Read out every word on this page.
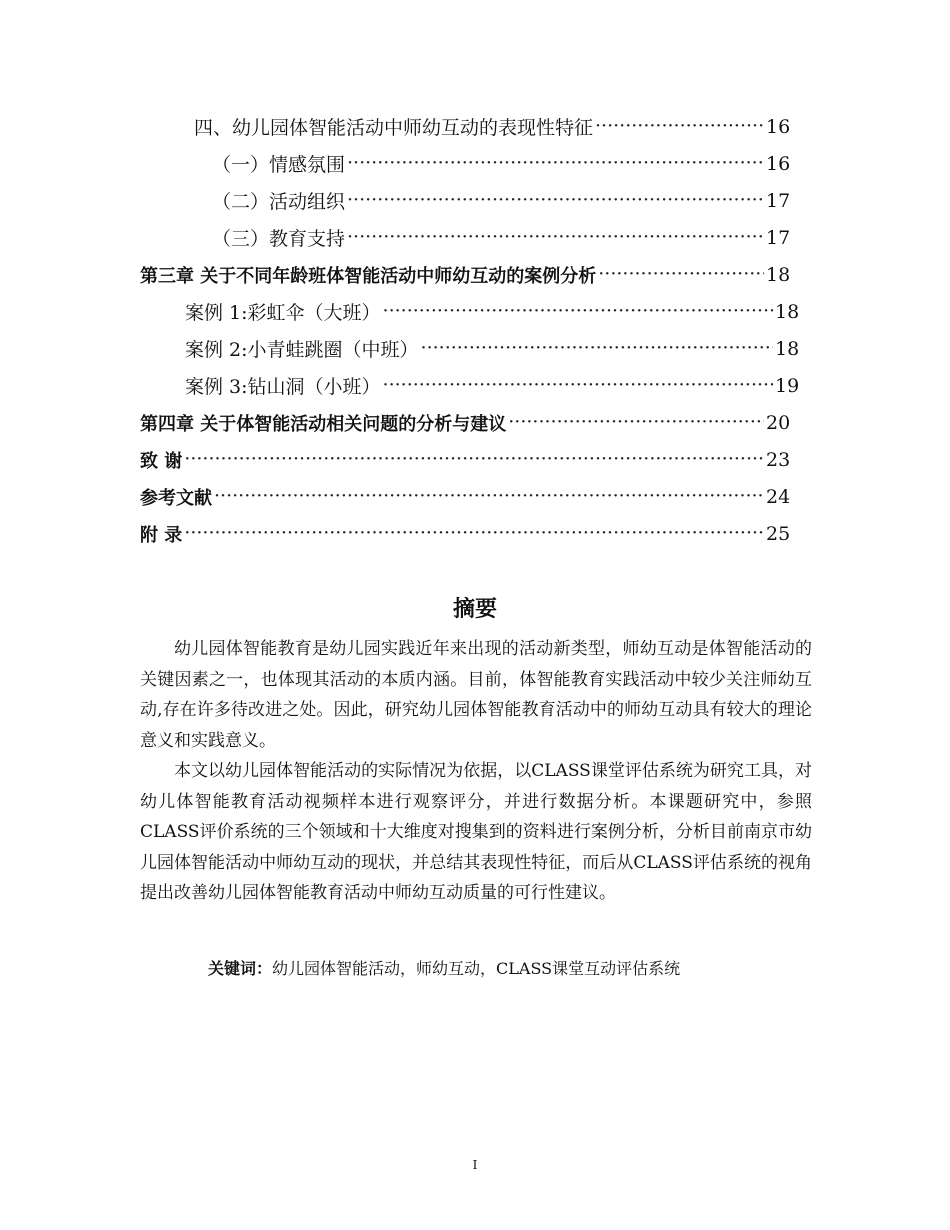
四、幼儿园体智能活动中师幼互动的表现性特征 ·····	16
（一）情感氛围 ·····	16
（二）活动组织 ·····	17
（三）教育支持 ·····	17
第三章 关于不同年龄班体智能活动中师幼互动的案例分析 ·····	18
案例 1:彩虹伞（大班） ·····	18
案例 2:小青蛙跳圈（中班） ·····	18
案例 3:钻山洞（小班） ·····	19
第四章 关于体智能活动相关问题的分析与建议 ·····	20
致 谢 ·····	23
参考文献 ·····	24
附 录 ·····	25
摘要

幼儿园体智能教育是幼儿园实践近年来出现的活动新类型，师幼互动是体智能活动的关键因素之一，也体现其活动的本质内涵。目前，体智能教育实践活动中较少关注师幼互动,存在许多待改进之处。因此，研究幼儿园体智能教育活动中的师幼互动具有较大的理论意义和实践意义。

本文以幼儿园体智能活动的实际情况为依据，以CLASS课堂评估系统为研究工具，对幼儿体智能教育活动视频样本进行观察评分，并进行数据分析。本课题研究中，参照CLASS评价系统的三个领域和十大维度对搜集到的资料进行案例分析，分析目前南京市幼儿园体智能活动中师幼互动的现状，并总结其表现性特征，而后从CLASS评估系统的视角提出改善幼儿园体智能教育活动中师幼互动质量的可行性建议。

关键词：幼儿园体智能活动，师幼互动，CLASS课堂互动评估系统
I
